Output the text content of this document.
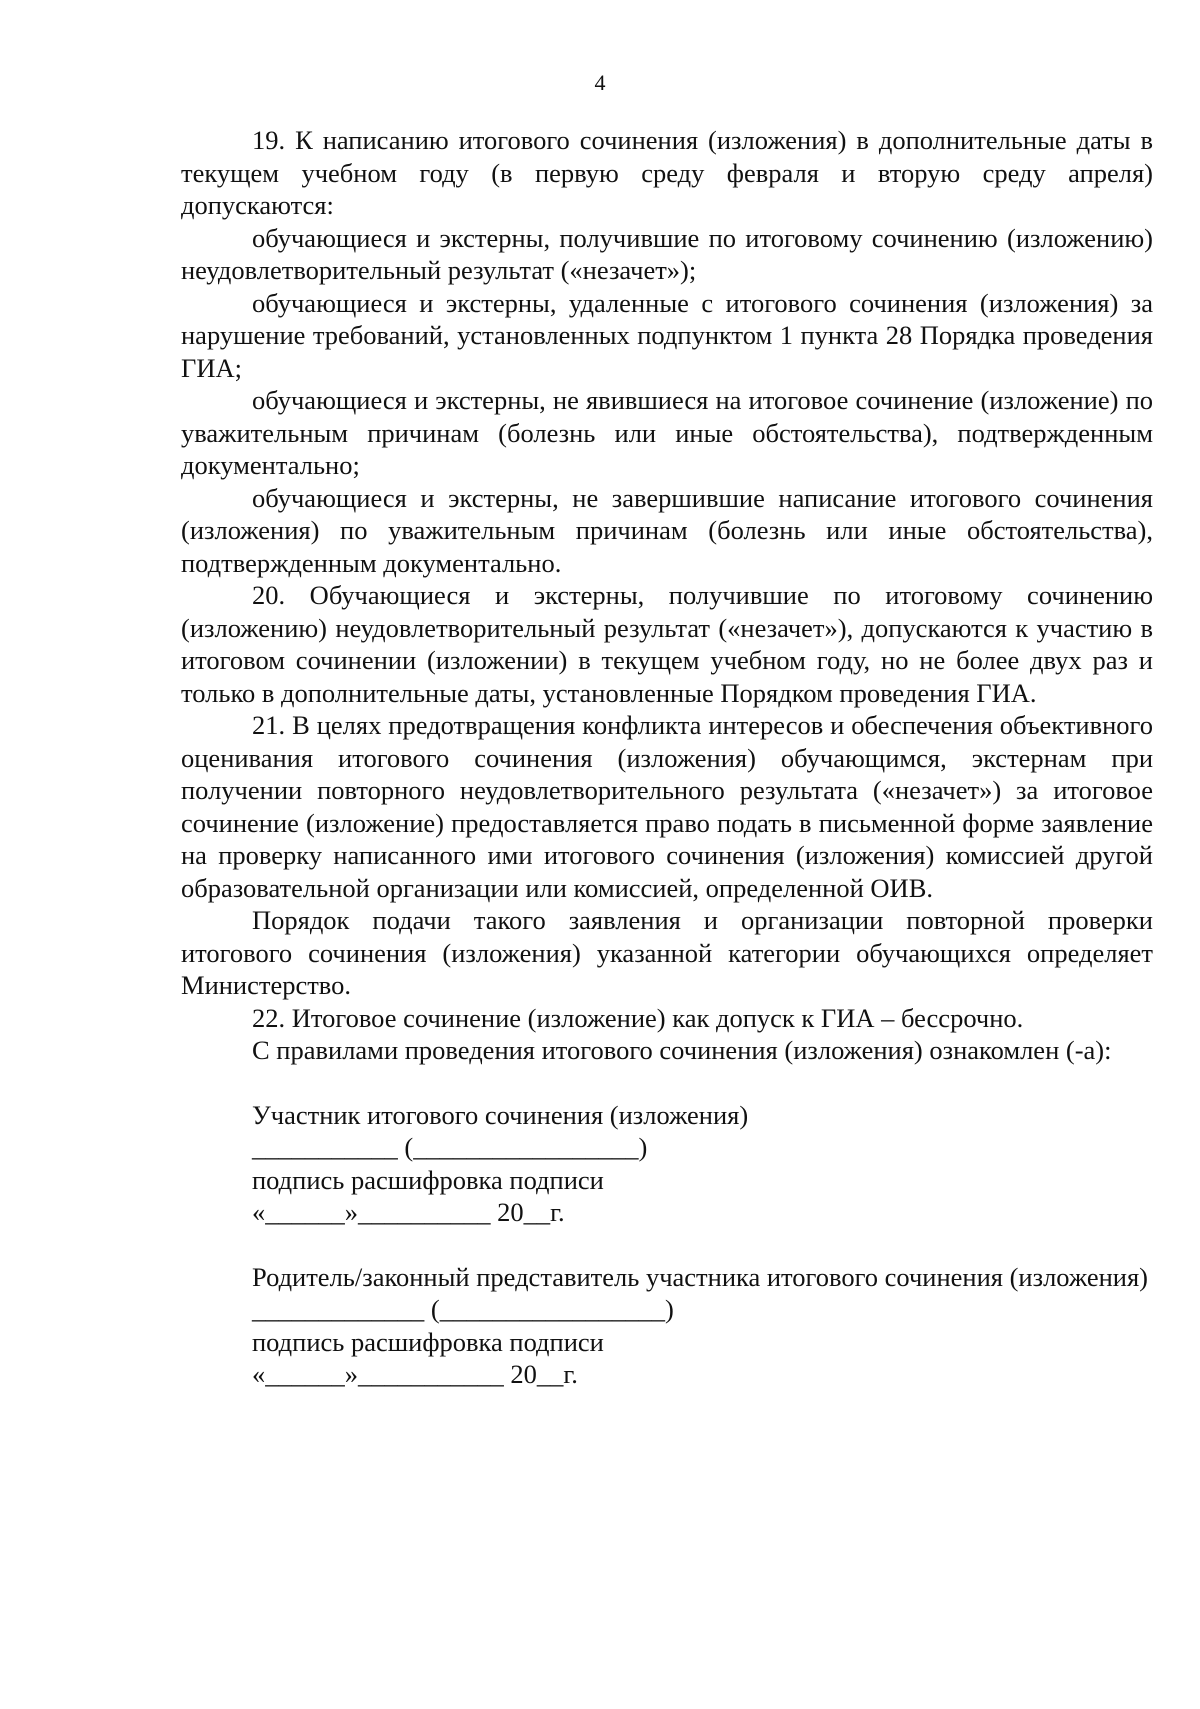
4

19. К написанию итогового сочинения (изложения) в дополнительные даты в текущем учебном году (в первую среду февраля и вторую среду апреля) допускаются:

обучающиеся и экстерны, получившие по итоговому сочинению (изложению) неудовлетворительный результат («незачет»);

обучающиеся и экстерны, удаленные с итогового сочинения (изложения) за нарушение требований, установленных подпунктом 1 пункта 28 Порядка проведения ГИА;

обучающиеся и экстерны, не явившиеся на итоговое сочинение (изложение) по уважительным причинам (болезнь или иные обстоятельства), подтвержденным документально;

обучающиеся и экстерны, не завершившие написание итогового сочинения (изложения) по уважительным причинам (болезнь или иные обстоятельства), подтвержденным документально.

20. Обучающиеся и экстерны, получившие по итоговому сочинению (изложению) неудовлетворительный результат («незачет»), допускаются к участию в итоговом сочинении (изложении) в текущем учебном году, но не более двух раз и только в дополнительные даты, установленные Порядком проведения ГИА.

21. В целях предотвращения конфликта интересов и обеспечения объективного оценивания итогового сочинения (изложения) обучающимся, экстернам при получении повторного неудовлетворительного результата («незачет») за итоговое сочинение (изложение) предоставляется право подать в письменной форме заявление на проверку написанного ими итогового сочинения (изложения) комиссией другой образовательной организации или комиссией, определенной ОИВ.

Порядок подачи такого заявления и организации повторной проверки итогового сочинения (изложения) указанной категории обучающихся определяет Министерство.

22. Итоговое сочинение (изложение) как допуск к ГИА – бессрочно.

С правилами проведения итогового сочинения (изложения) ознакомлен (-а):

Участник итогового сочинения (изложения)
___________ (_________________)
подпись расшифровка подписи
«______»__________ 20__г.

Родитель/законный представитель участника итогового сочинения (изложения)

_____________ (_________________)
подпись расшифровка подписи
«______»___________ 20__г.
